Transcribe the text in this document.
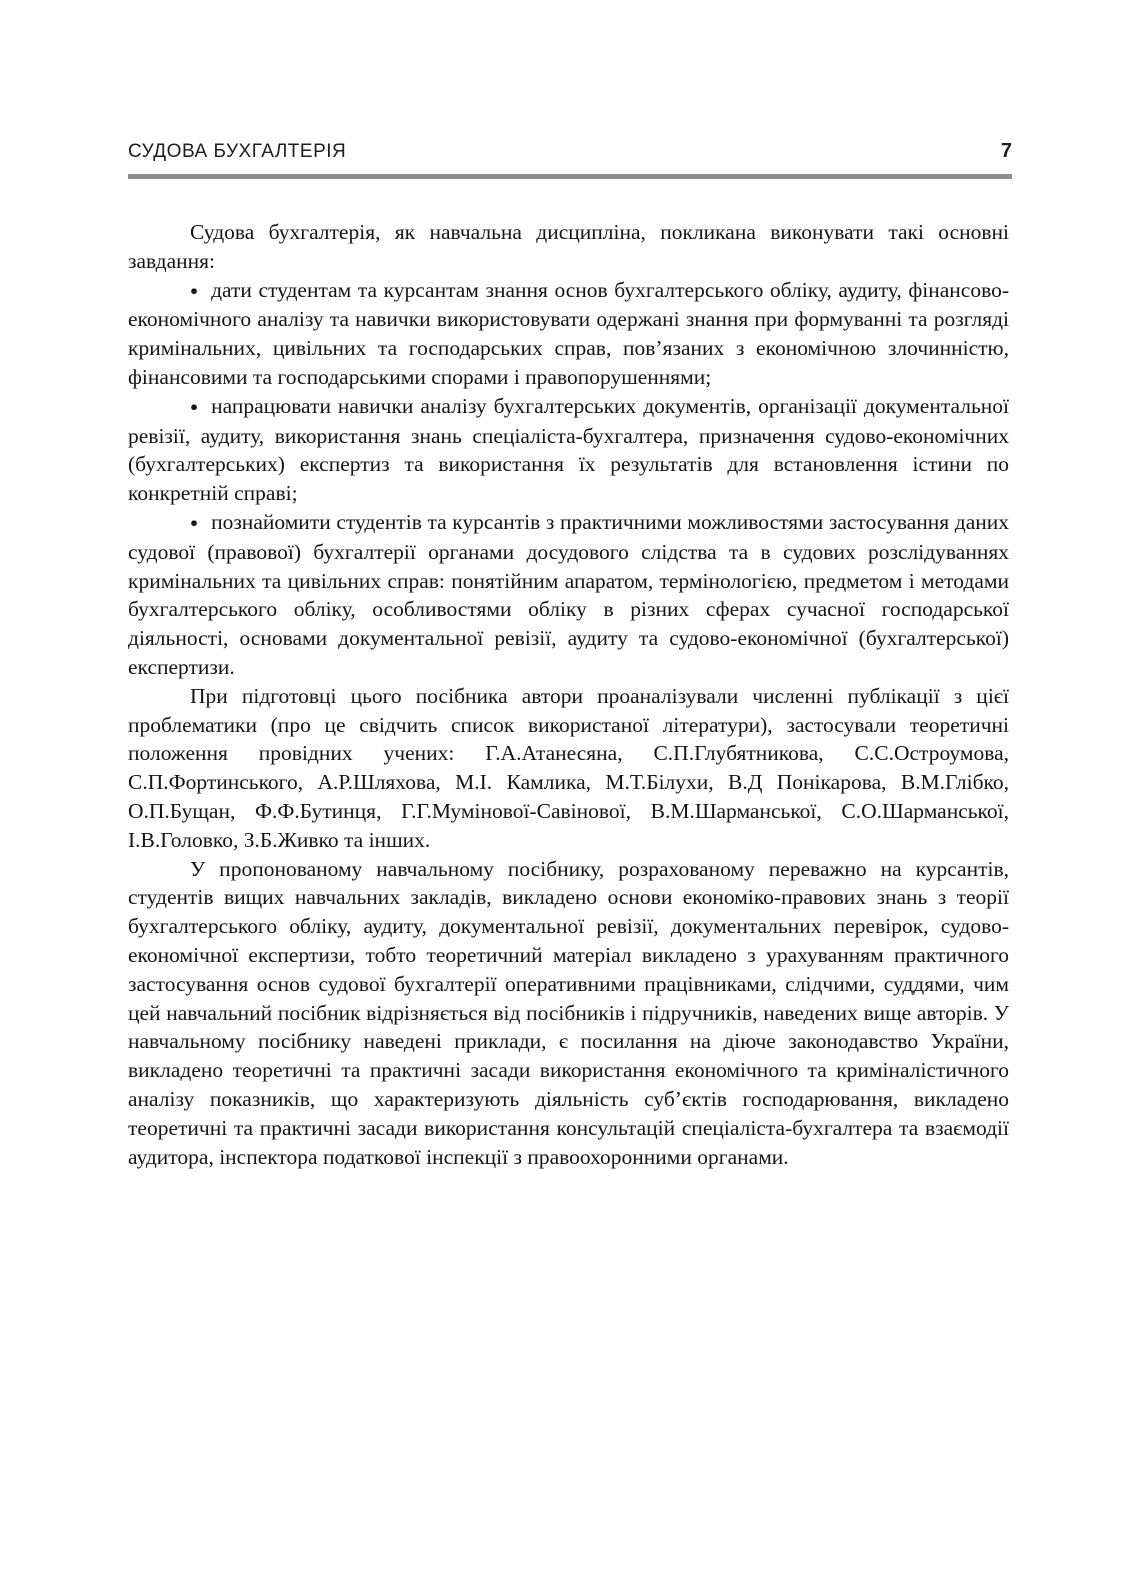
СУДОВА БУХГАЛТЕРІЯ	7

Судова бухгалтерія, як навчальна дисципліна, покликана виконувати такі основні завдання:

● дати студентам та курсантам знання основ бухгалтерського обліку, аудиту, фінансово-економічного аналізу та навички використовувати одержані знання при формуванні та розгляді кримінальних, цивільних та господарських справ, пов’язаних з економічною злочинністю, фінансовими та господарськими спорами і правопорушеннями;

● напрацювати навички аналізу бухгалтерських документів, організації документальної ревізії, аудиту, використання знань спеціаліста-бухгалтера, призначення судово-економічних (бухгалтерських) експертиз та використання їх результатів для встановлення істини по конкретній справі;

● познайомити студентів та курсантів з практичними можливостями застосування даних судової (правової) бухгалтерії органами досудового слідства та в судових розслідуваннях кримінальних та цивільних справ: понятійним апаратом, термінологією, предметом і методами бухгалтерського обліку, особливостями обліку в різних сферах сучасної господарської діяльності, основами документальної ревізії, аудиту та судово-економічної (бухгалтерської) експертизи.

При підготовці цього посібника автори проаналізували численні публікації з цієї проблематики (про це свідчить список використаної літератури), застосували теоретичні положення провідних учених: Г.А.Атанесяна, С.П.Глубятникова, С.С.Остроумова, С.П.Фортинського, А.Р.Шляхова, М.І. Камлика, М.Т.Білухи, В.Д Понікарова, В.М.Глібко, О.П.Бущан, Ф.Ф.Бутинця, Г.Г.Мумінової-Савінової, В.М.Шарманської, С.О.Шарманської, І.В.Головко, З.Б.Живко та інших.

У пропонованому навчальному посібнику, розрахованому переважно на курсантів, студентів вищих навчальних закладів, викладено основи економіко-правових знань з теорії бухгалтерського обліку, аудиту, документальної ревізії, документальних перевірок, судово-економічної експертизи, тобто теоретичний матеріал викладено з урахуванням практичного застосування основ судової бухгалтерії оперативними працівниками, слідчими, суддями, чим цей навчальний посібник відрізняється від посібників і підручників, наведених вище авторів. У навчальному посібнику наведені приклади, є посилання на діюче законодавство України, викладено теоретичні та практичні засади використання економічного та криміналістичного аналізу показників, що характеризують діяльність суб’єктів господарювання, викладено теоретичні та практичні засади використання консультацій спеціаліста-бухгалтера та взаємодії аудитора, інспектора податкової інспекції з правоохоронними органами.
